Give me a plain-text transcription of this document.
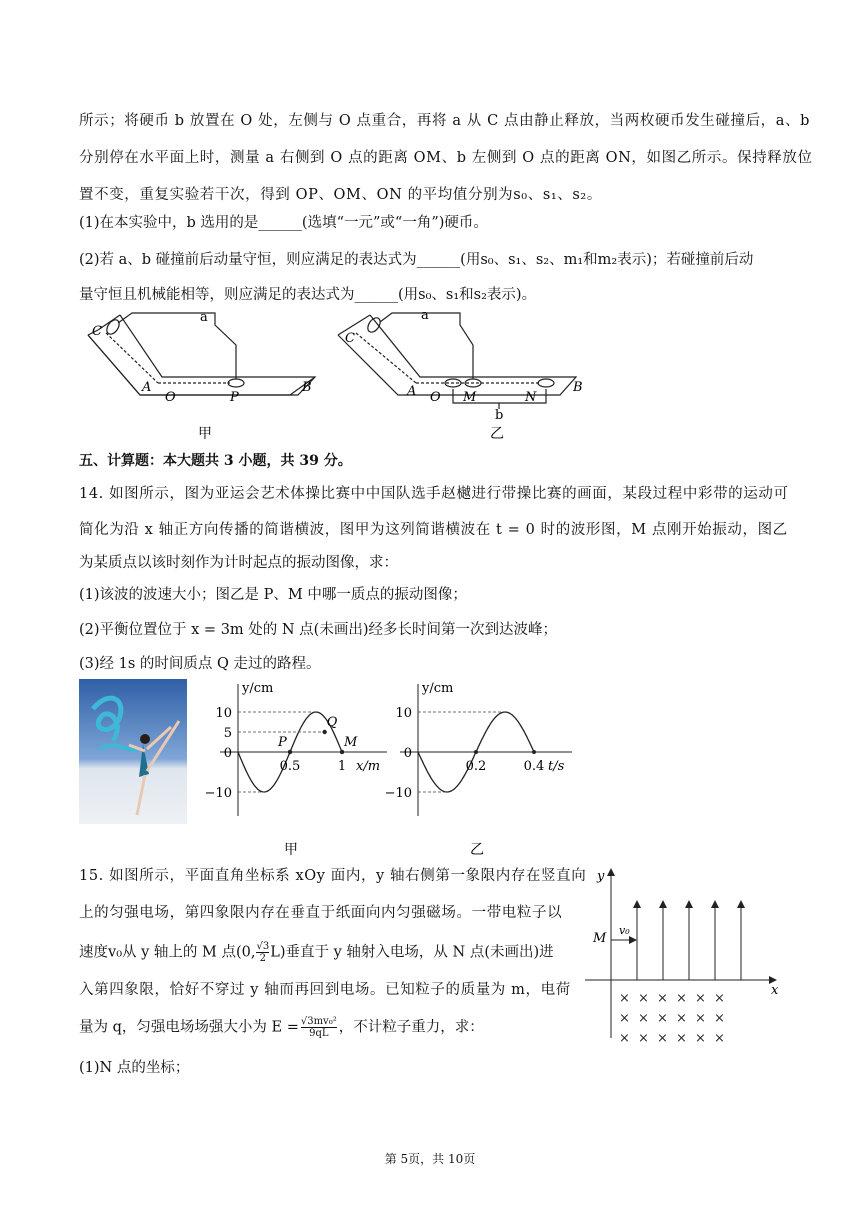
所示；将硬币 b 放置在 O 处，左侧与 O 点重合，再将 a 从 C 点由静止释放，当两枚硬币发生碰撞后，a、b
分别停在水平面上时，测量 a 右侧到 O 点的距离 OM、b 左侧到 O 点的距离 ON，如图乙所示。保持释放位
置不变，重复实验若干次，得到 OP、OM、ON 的平均值分别为s₀、s₁、s₂。
(1)在本实验中，b 选用的是______(选填“一元”或“一角”)硬币。
(2)若 a、b 碰撞前后动量守恒，则应满足的表达式为______(用s₀、s₁、s₂、m₁和m₂表示)；若碰撞前后动
量守恒且机械能相等，则应满足的表达式为______(用s₀、s₁和s₂表示)。
C
a
A
O	P
B
甲
C
a
A O M	N
B
b
乙
五、计算题：本大题共 3 小题，共 39 分。
14. 如图所示，图为亚运会艺术体操比赛中中国队选手赵樾进行带操比赛的画面，某段过程中彩带的运动可
简化为沿 x 轴正方向传播的简谐横波，图甲为这列简谐横波在 t = 0 时的波形图，M 点刚开始振动，图乙
为某质点以该时刻作为计时起点的振动图像，求：
(1)该波的波速大小；图乙是 P、M 中哪一质点的振动图像；
(2)平衡位置位于 x = 3m 处的 N 点(未画出)经多长时间第一次到达波峰；
(3)经 1s 的时间质点 Q 走过的路程。
y/cm
x/m
10
5
0
−10
0.5	1
甲
P
Q
M
y/cm
t/s
10
0
−10
0.2	0.4
乙
15. 如图所示，平面直角坐标系 xOy 面内，y 轴右侧第一象限内存在竖直向
上的匀强电场，第四象限内存在垂直于纸面向内匀强磁场。一带电粒子以
速度v₀从 y 轴上的 M 点(0, $\frac{√3}{2} L$)垂直于 y 轴射入电场，从 N 点(未画出)进
入第四象限，恰好不穿过 y 轴而再回到电场。已知粒子的质量为 m，电荷
量为 q，匀强电场场强大小为 $E = \frac{\text{√3mv₀²}}{9qL}$ ，不计粒子重力，求：
(1)N 点的坐标；
y
x
M
v₀
× × × × × ×
× × × × × ×
× × × × × ×
第 5页，共 10页
